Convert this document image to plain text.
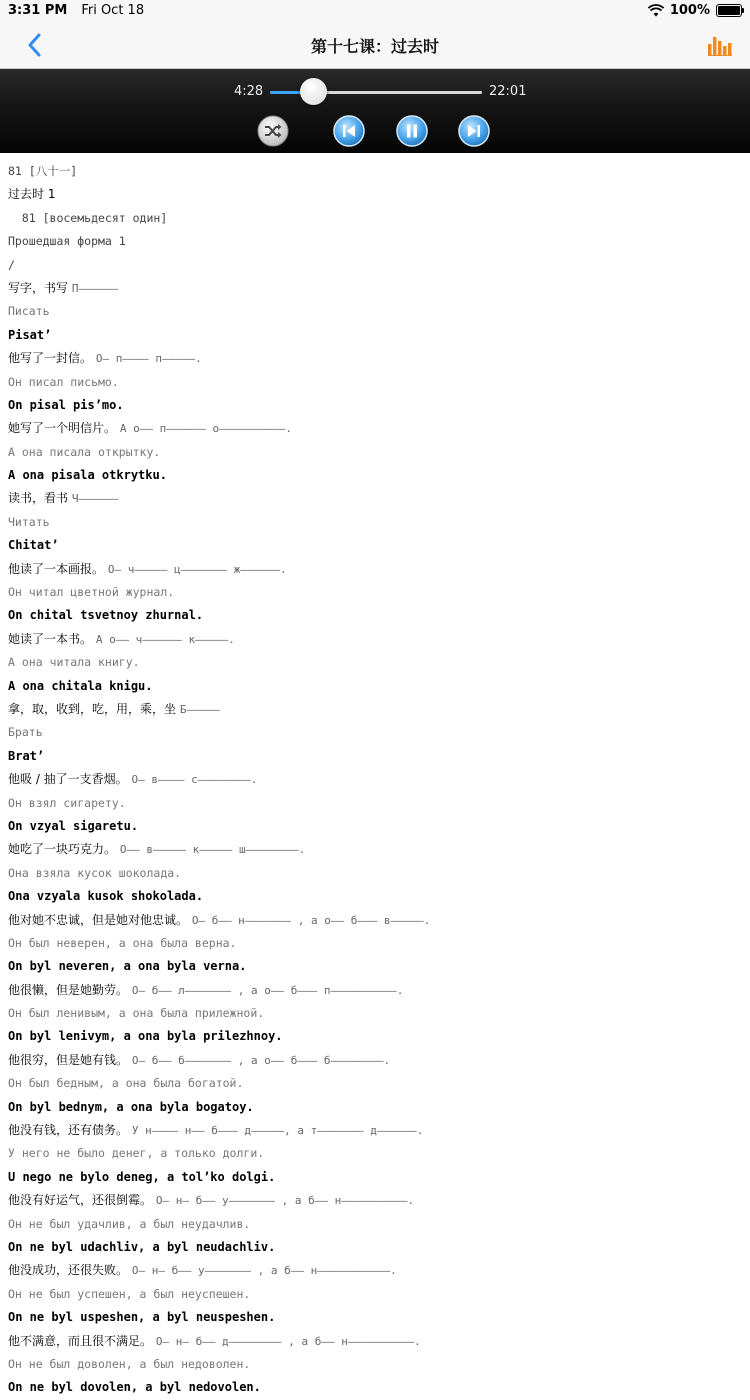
3:31 PM Fri Oct 18	100%
第十七课：过去时
4:28	22:01
81 [八十一]
过去时 1
81 [восемьдесят один]
Прошедшая форма 1
/
写字，书写 П——————
Писать
Pisat’
他写了一封信。 О— п———— п—————.
Он писал письмо.
On pisal pis’mo.
她写了一个明信片。 А о—— п—————— о——————————.
А она писала открытку.
A ona pisala otkrytku.
读书，看书 Ч——————
Читать
Chitat’
他读了一本画报。 О— ч————— ц——————— ж——————.
Он читал цветной журнал.
On chital tsvetnoy zhurnal.
她读了一本书。 А о—— ч—————— к—————.
А она читала книгу.
A ona chitala knigu.
拿，取，收到，吃，用，乘，坐 Б—————
Брать
Brat’
他吸 / 抽了一支香烟。 О— в———— с————————.
Он взял сигарету.
On vzyal sigaretu.
她吃了一块巧克力。 О—— в————— к————— ш————————.
Она взяла кусок шоколада.
Ona vzyala kusok shokolada.
他对她不忠诚，但是她对他忠诚。 О— б—— н——————— , а о—— б——— в—————.
Он был неверен, а она была верна.
On byl neveren, a ona byla verna.
他很懒，但是她勤劳。 О— б—— л——————— , а о—— б——— п——————————.
Он был ленивым, а она была прилежной.
On byl lenivym, a ona byla prilezhnoy.
他很穷，但是她有钱。 О— б—— б——————— , а о—— б——— б————————.
Он был бедным, а она была богатой.
On byl bednym, a ona byla bogatoy.
他没有钱，还有债务。 У н———— н—— б——— д—————, а т——————— д——————.
У него не было денег, а только долги.
U nego ne bylo deneg, a tol’ko dolgi.
他没有好运气，还很倒霉。 О— н— б—— у——————— , а б—— н——————————.
Он не был удачлив, а был неудачлив.
On ne byl udachliv, a byl neudachliv.
他没成功，还很失败。 О— н— б—— у——————— , а б—— н———————————.
Он не был успешен, а был неуспешен.
On ne byl uspeshen, a byl neuspeshen.
他不满意，而且很不满足。 О— н— б—— д———————— , а б—— н——————————.
Он не был доволен, а был недоволен.
On ne byl dovolen, a byl nedovolen.
